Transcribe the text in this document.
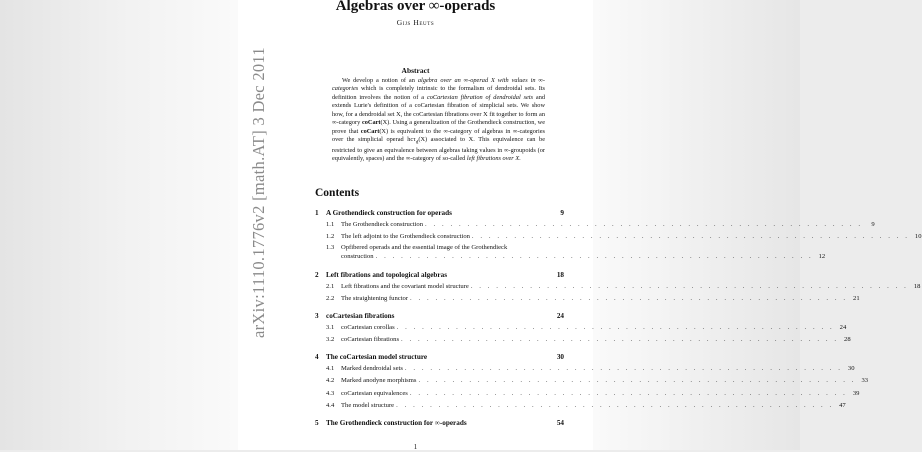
arXiv:1110.1776v2 [math.AT] 3 Dec 2011
Algebras over ∞-operads
Gijs Heuts
Abstract
We develop a notion of an algebra over an ∞-operad X with values in ∞-categories which is completely intrinsic to the formalism of dendroidal sets. Its definition involves the notion of a coCartesian fibration of dendroidal sets and extends Lurie's definition of a coCartesian fibration of simplicial sets. We show how, for a dendroidal set X, the coCartesian fibrations over X fit together to form an ∞-category coCart(X). Using a generalization of the Grothendieck construction, we prove that coCart(X) is equivalent to the ∞-category of algebras in ∞-categories over the simplicial operad hcτ$_d$(X) associated to X. This equivalence can be restricted to give an equivalence between algebras taking values in ∞-groupoids (or equivalently, spaces) and the ∞-category of so-called left fibrations over X.
Contents
1	A Grothendieck construction for operads	9
1.1	The Grothendieck construction . . . . . . . . . . . . . . . . . . . . . . . . . . . . . . . . . . . . . . . . . . . . . . . . . . . .	9
1.2	The left adjoint to the Grothendieck construction . . . . . . . . . . . . . . . . . . . . . . . . . . . . . . . . . . . . . . . . . . . . . . . . . . . . 10
1.3	Opfibered operads and the essential image of the Grothendieck
construction . . . . . . . . . . . . . . . . . . . . . . . . . . . . . . . . . . . . . . . . . . . . . . . . . . . . 12
2	Left fibrations and topological algebras	18
2.1	Left fibrations and the covariant model structure . . . . . . . . . . . . . . . . . . . . . . . . . . . . . . . . . . . . . . . . . . . . . . . . . . . . 18
2.2	The straightening functor . . . . . . . . . . . . . . . . . . . . . . . . . . . . . . . . . . . . . . . . . . . . . . . . . . . . 21
3	coCartesian fibrations	24
3.1	coCartesian corollas . . . . . . . . . . . . . . . . . . . . . . . . . . . . . . . . . . . . . . . . . . . . . . . . . . . . 24
3.2	coCartesian fibrations . . . . . . . . . . . . . . . . . . . . . . . . . . . . . . . . . . . . . . . . . . . . . . . . . . . . 28
4	The coCartesian model structure	30
4.1	Marked dendroidal sets . . . . . . . . . . . . . . . . . . . . . . . . . . . . . . . . . . . . . . . . . . . . . . . . . . . . 30
4.2	Marked anodyne morphisms . . . . . . . . . . . . . . . . . . . . . . . . . . . . . . . . . . . . . . . . . . . . . . . . . . . . 33
4.3	coCartesian equivalences . . . . . . . . . . . . . . . . . . . . . . . . . . . . . . . . . . . . . . . . . . . . . . . . . . . . 39
4.4	The model structure . . . . . . . . . . . . . . . . . . . . . . . . . . . . . . . . . . . . . . . . . . . . . . . . . . . . 47
5	The Grothendieck construction for ∞-operads	54
1
